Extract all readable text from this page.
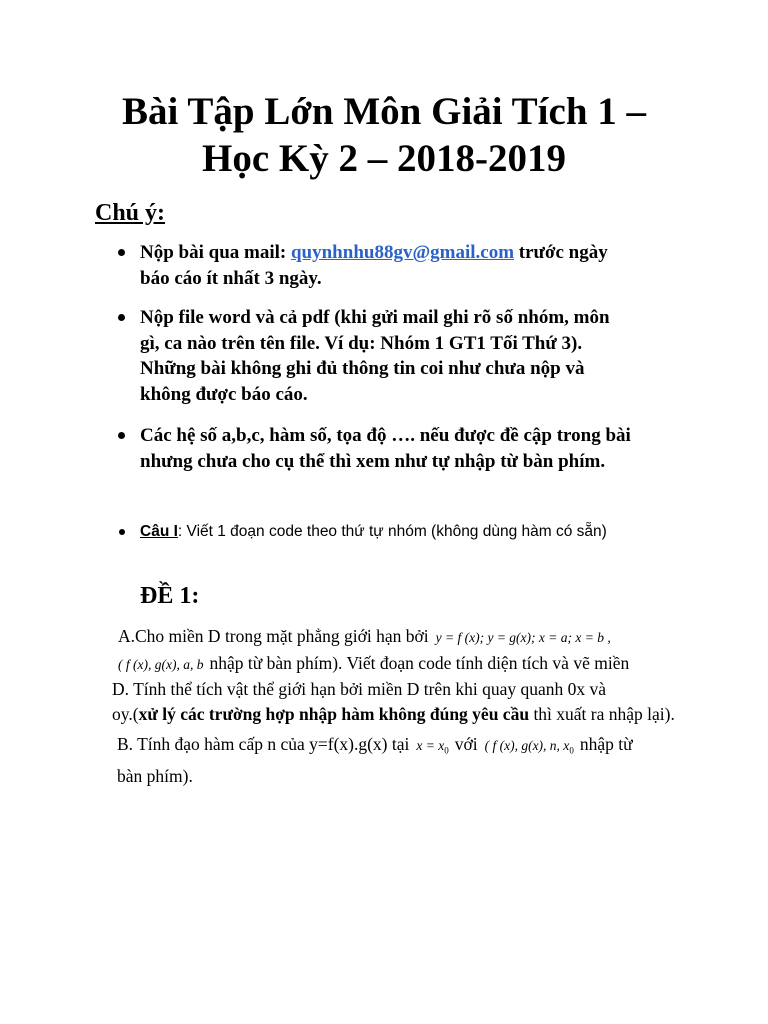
Bài Tập Lớn Môn Giải Tích 1 –
Học Kỳ 2 – 2018-2019
Chú ý:
Nộp bài qua mail: quynhnhu88gv@gmail.com trước ngày
báo cáo ít nhất 3 ngày.
Nộp file word và cả pdf (khi gửi mail ghi rõ số nhóm, môn
gì, ca nào trên tên file. Ví dụ: Nhóm 1 GT1 Tối Thứ 3).
Những bài không ghi đủ thông tin coi như chưa nộp và
không được báo cáo.
Các hệ số a,b,c, hàm số, tọa độ …. nếu được đề cập trong bài
nhưng chưa cho cụ thể thì xem như tự nhập từ bàn phím.
Câu I: Viết 1 đoạn code theo thứ tự nhóm (không dùng hàm có sẵn)
ĐỀ 1:
A.Cho miền D trong mặt phẳng giới hạn bởi y = f (x); y = g(x); x = a; x = b ,
( f (x), g(x), a, b nhập từ bàn phím). Viết đoạn code tính diện tích và vẽ miền
D. Tính thể tích vật thể giới hạn bởi miền D trên khi quay quanh 0x và
oy.(xử lý các trường hợp nhập hàm không đúng yêu cầu thì xuất ra nhập lại).
B. Tính đạo hàm cấp n của y=f(x).g(x) tại $x = x_0$ với ( f (x), g(x), n, $x_0$ nhập từ
bàn phím).
